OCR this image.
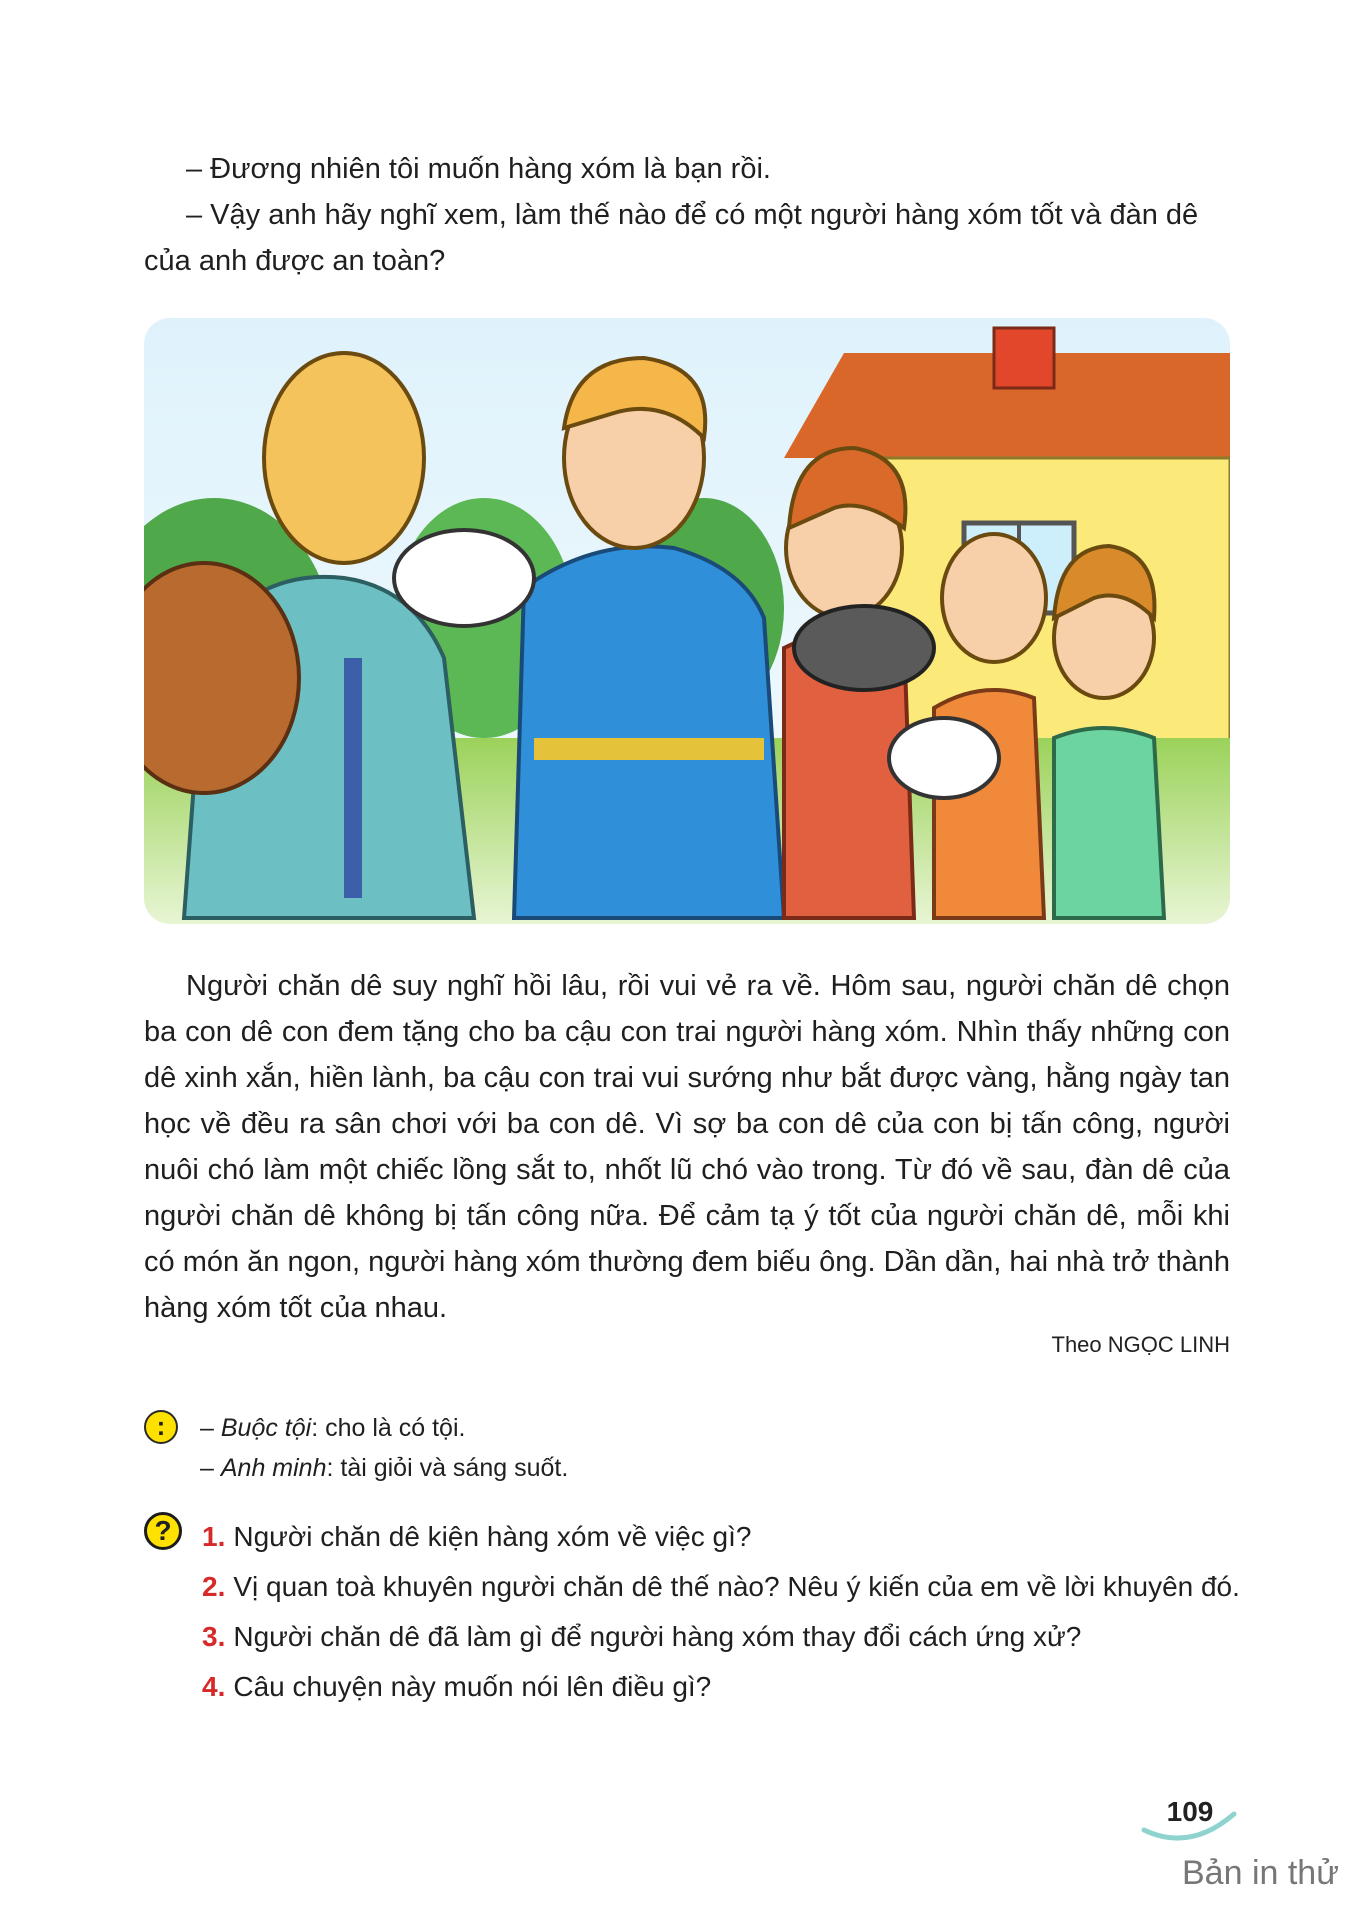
– Đương nhiên tôi muốn hàng xóm là bạn rồi.

– Vậy anh hãy nghĩ xem, làm thế nào để có một người hàng xóm tốt và đàn dê của anh được an toàn?

Người chăn dê suy nghĩ hồi lâu, rồi vui vẻ ra về. Hôm sau, người chăn dê chọn ba con dê con đem tặng cho ba cậu con trai người hàng xóm. Nhìn thấy những con dê xinh xắn, hiền lành, ba cậu con trai vui sướng như bắt được vàng, hằng ngày tan học về đều ra sân chơi với ba con dê. Vì sợ ba con dê của con bị tấn công, người nuôi chó làm một chiếc lồng sắt to, nhốt lũ chó vào trong. Từ đó về sau, đàn dê của người chăn dê không bị tấn công nữa. Để cảm tạ ý tốt của người chăn dê, mỗi khi có món ăn ngon, người hàng xóm thường đem biếu ông. Dần dần, hai nhà trở thành hàng xóm tốt của nhau.

Theo NGỌC LINH
:	– Buộc tội: cho là có tội.
– Anh minh: tài giỏi và sáng suốt.
?	1. Người chăn dê kiện hàng xóm về việc gì?
2. Vị quan toà khuyên người chăn dê thế nào? Nêu ý kiến của em về lời khuyên đó.
3. Người chăn dê đã làm gì để người hàng xóm thay đổi cách ứng xử?
4. Câu chuyện này muốn nói lên điều gì?
109
Bản in thử
